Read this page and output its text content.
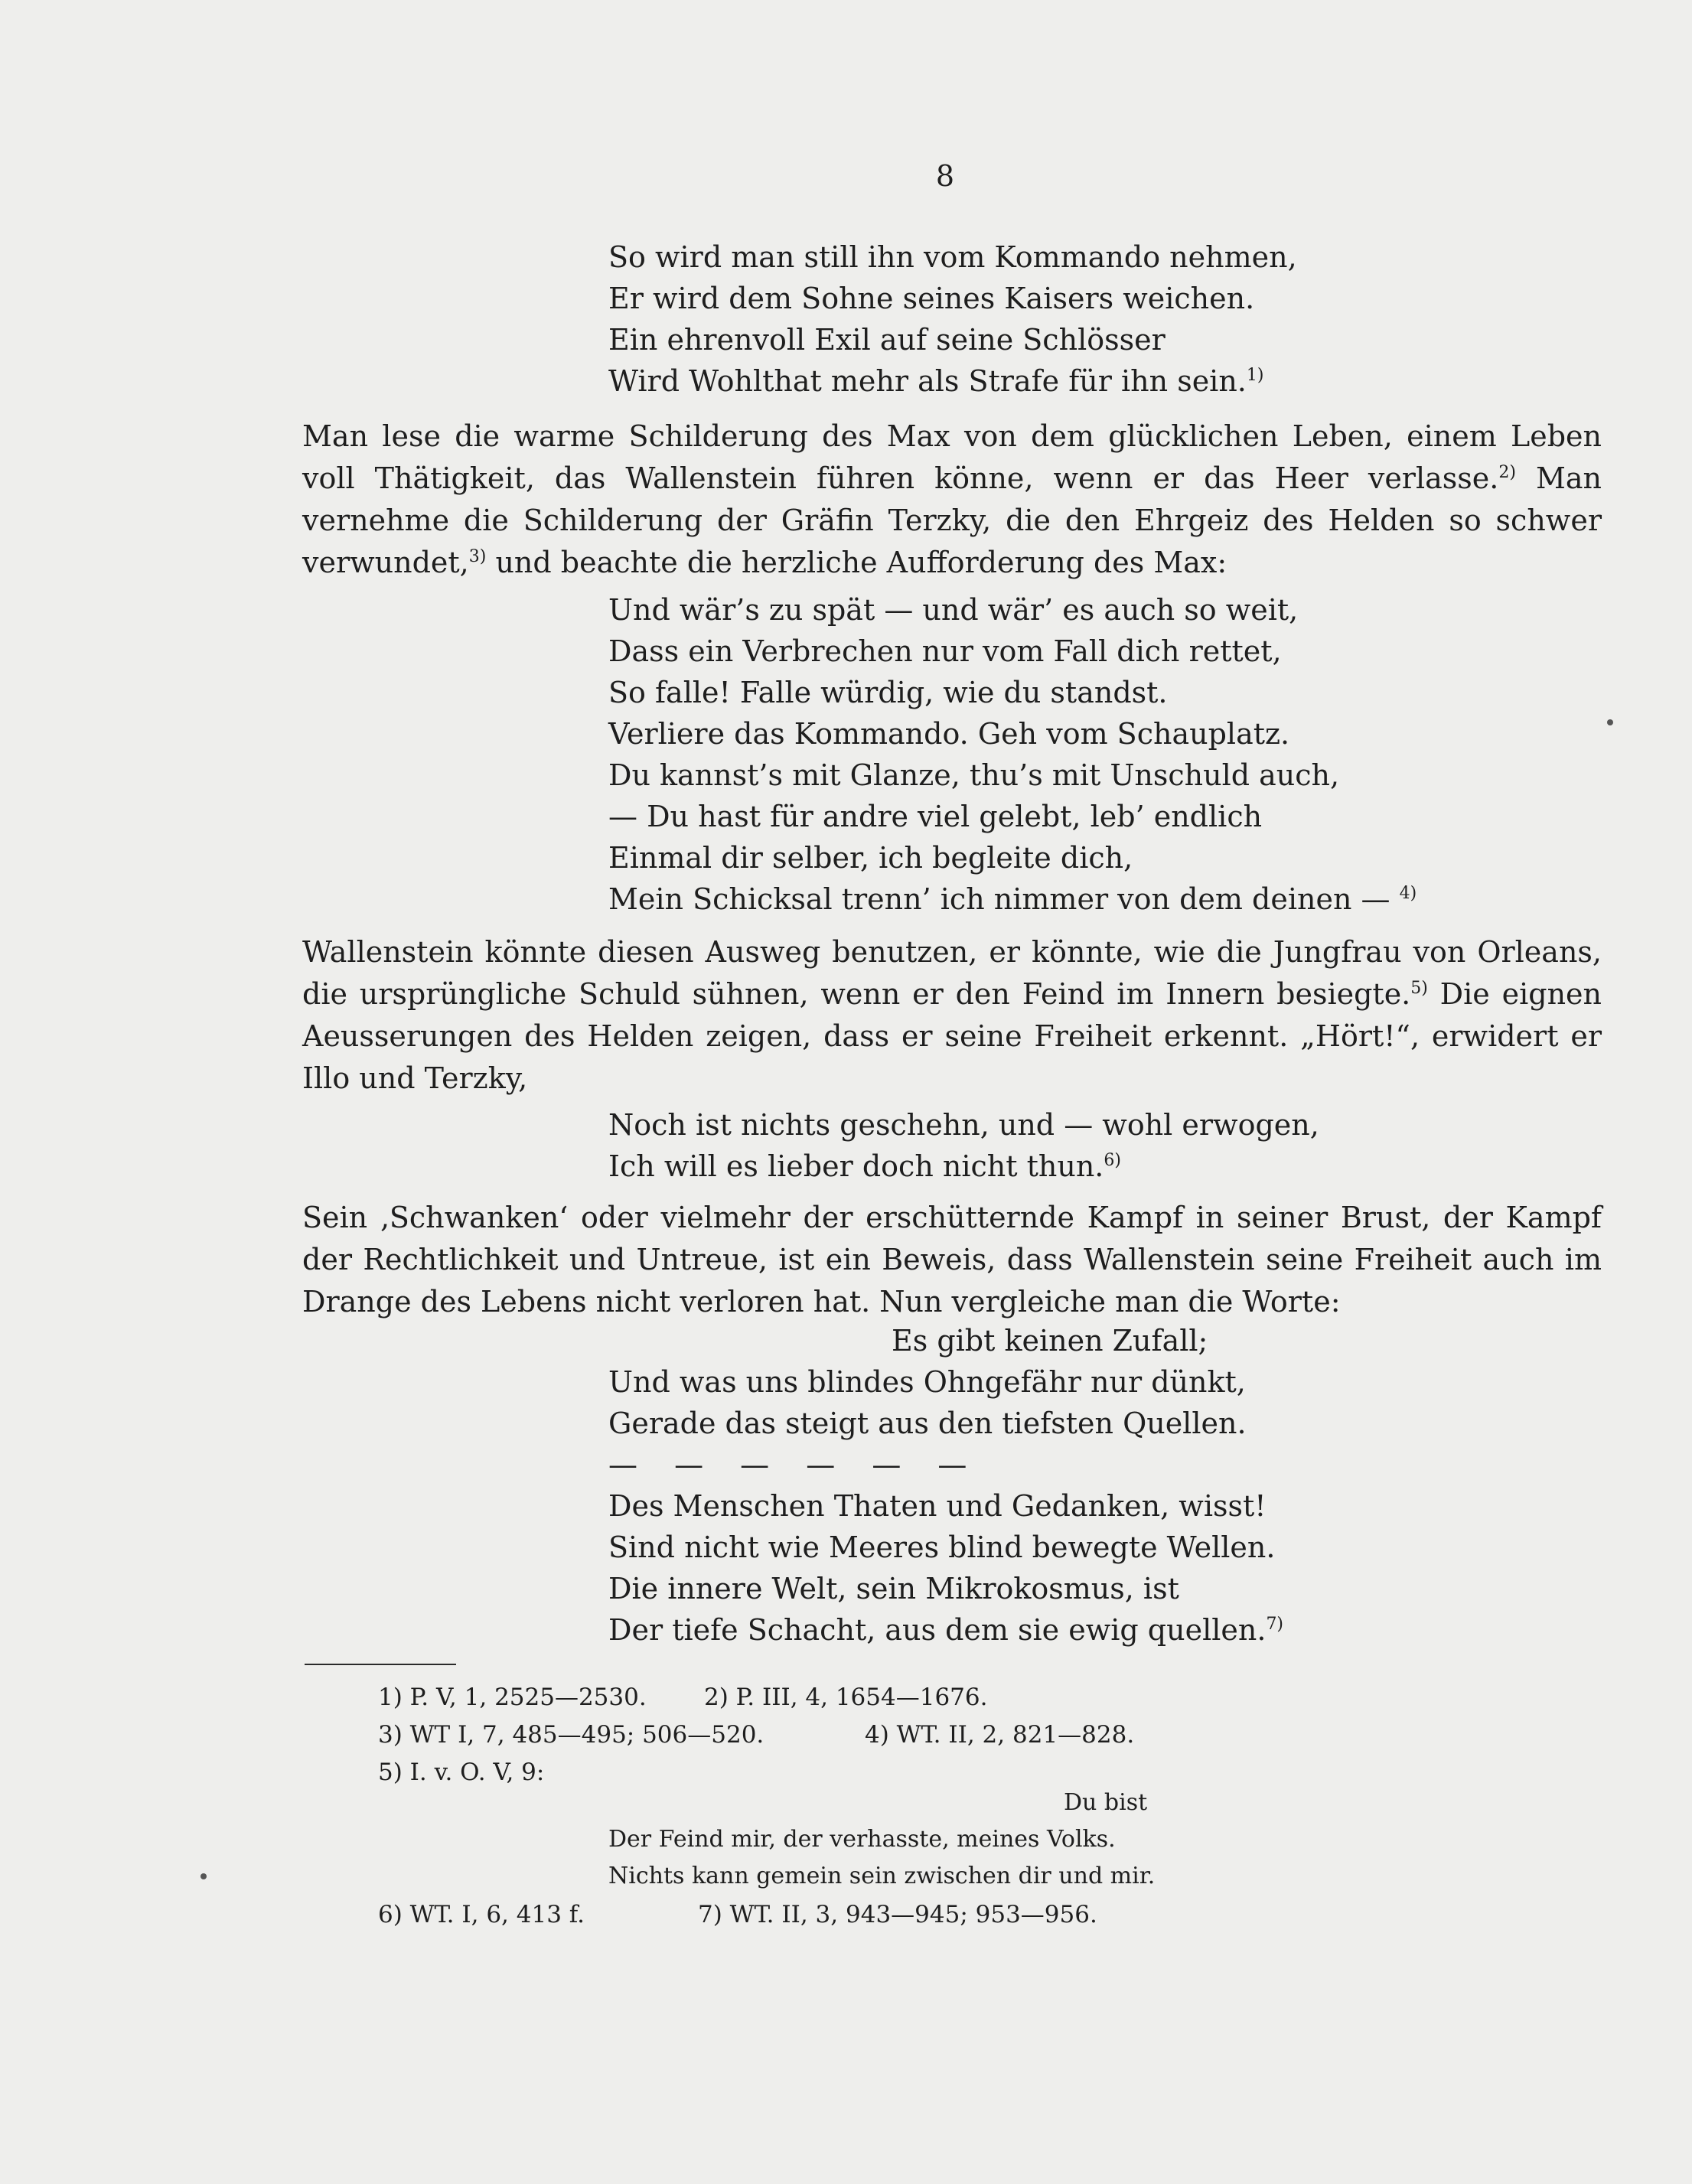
8
So wird man still ihn vom Kommando nehmen,
Er wird dem Sohne seines Kaisers weichen.
Ein ehrenvoll Exil auf seine Schlösser
Wird Wohlthat mehr als Strafe für ihn sein.$^{1)}$

Man lese die warme Schilderung des Max von dem glücklichen Leben, einem Leben voll Thätigkeit, das Wallenstein führen könne, wenn er das Heer verlasse.$^{2)}$ Man vernehme die Schilderung der Gräfin Terzky, die den Ehrgeiz des Helden so schwer verwundet,$^{3)}$ und beachte die herzliche Aufforderung des Max:

Und wär’s zu spät — und wär’ es auch so weit,
Dass ein Verbrechen nur vom Fall dich rettet,
So falle! Falle würdig, wie du standst.
Verliere das Kommando. Geh vom Schauplatz.
Du kannst’s mit Glanze, thu’s mit Unschuld auch,
— Du hast für andre viel gelebt, leb’ endlich
Einmal dir selber, ich begleite dich,
Mein Schicksal trenn’ ich nimmer von dem deinen — $^{4)}$

Wallenstein könnte diesen Ausweg benutzen, er könnte, wie die Jungfrau von Orleans, die ursprüngliche Schuld sühnen, wenn er den Feind im Innern besiegte.$^{5)}$ Die eignen Aeusserungen des Helden zeigen, dass er seine Freiheit erkennt. „Hört!“, erwidert er Illo und Terzky,

Noch ist nichts geschehn, und — wohl erwogen,
Ich will es lieber doch nicht thun.$^{6)}$

Sein ‚Schwanken‘ oder vielmehr der erschütternde Kampf in seiner Brust, der Kampf der Rechtlichkeit und Untreue, ist ein Beweis, dass Wallenstein seine Freiheit auch im Drange des Lebens nicht verloren hat. Nun vergleiche man die Worte:

Es gibt keinen Zufall;
Und was uns blindes Ohngefähr nur dünkt,
Gerade das steigt aus den tiefsten Quellen.
— — — — — —
Des Menschen Thaten und Gedanken, wisst!
Sind nicht wie Meeres blind bewegte Wellen.
Die innere Welt, sein Mikrokosmus, ist
Der tiefe Schacht, aus dem sie ewig quellen.$^{7)}$
1) P. V, 1, 2525—2530. 2) P. III, 4, 1654—1676.
3) WT I, 7, 485—495; 506—520.	4) WT. II, 2, 821—828.
5) I. v. O. V, 9:
Du bist
Der Feind mir, der verhasste, meines Volks.
Nichts kann gemein sein zwischen dir und mir.
6) WT. I, 6, 413 f.	7) WT. II, 3, 943—945; 953—956.
